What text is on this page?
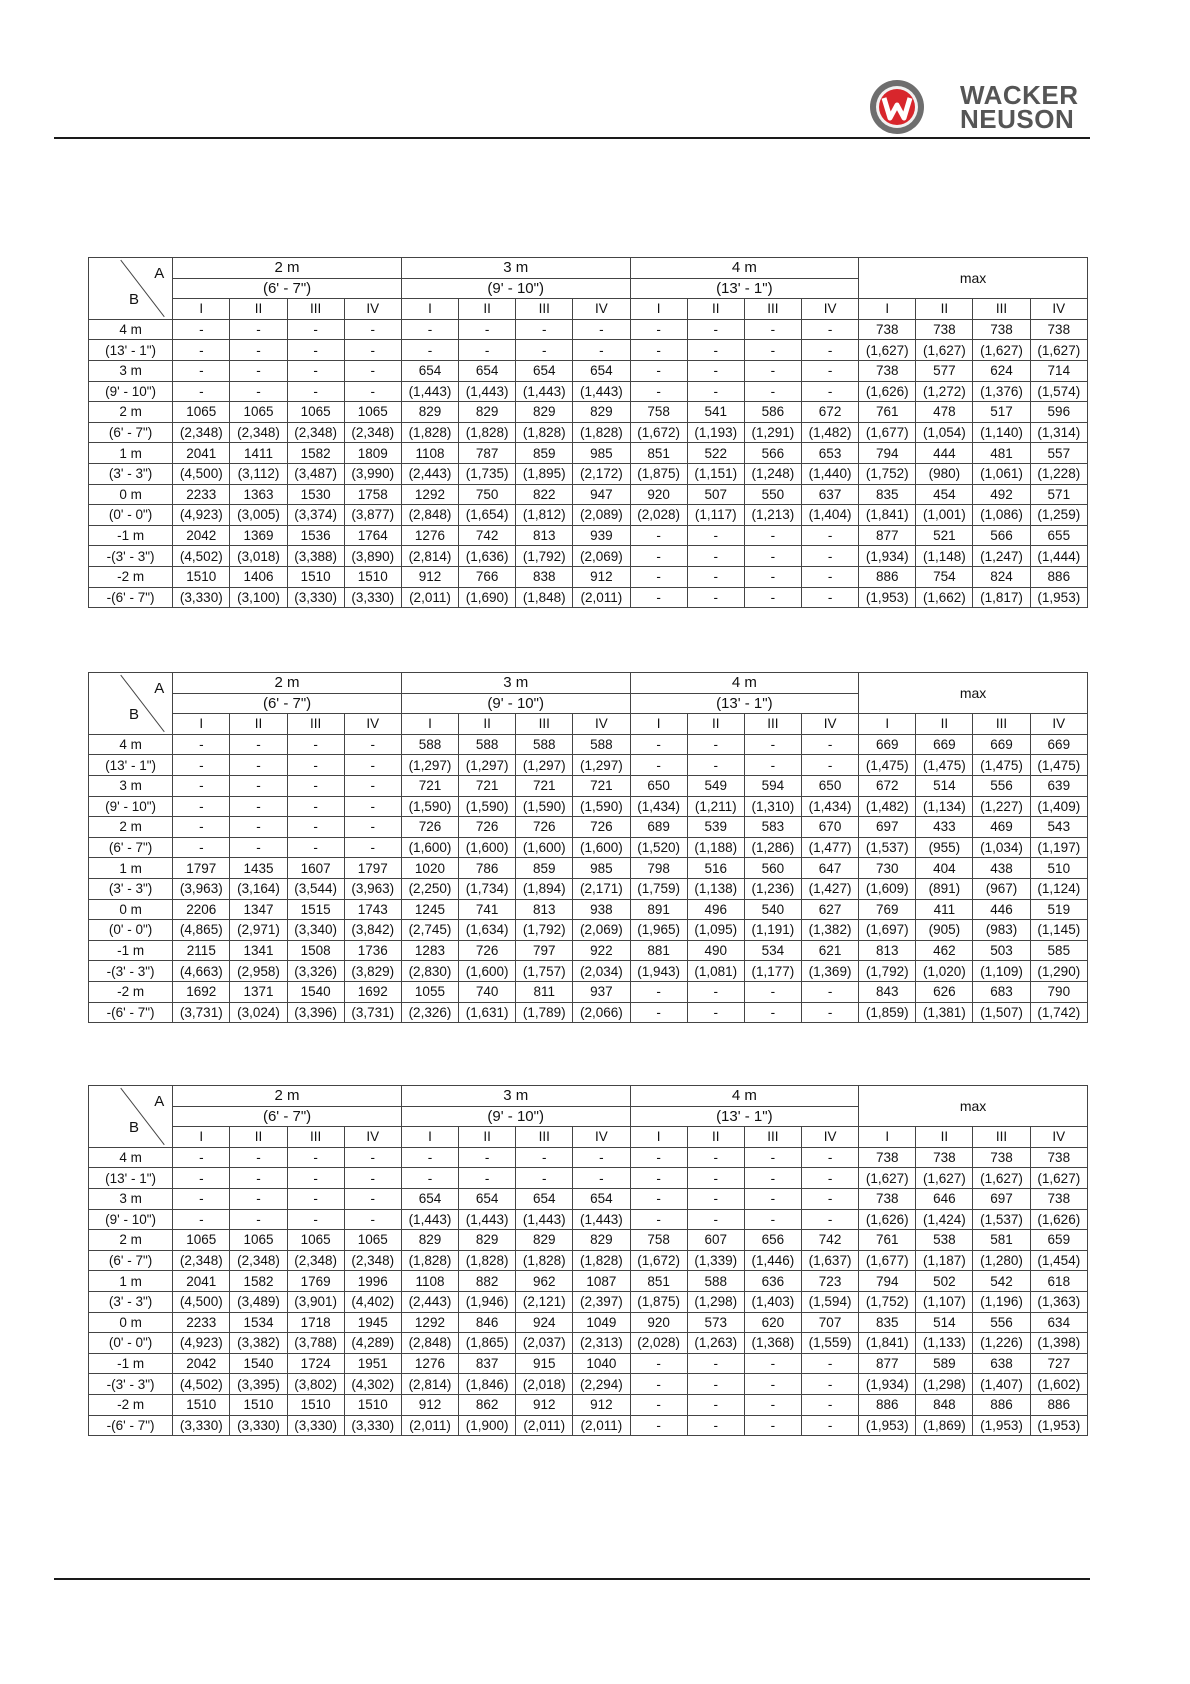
WACKER
NEUSON
A
B	2 m				3 m				4 m				max			
	(6' - 7")				(9' - 10")				(13' - 1")							
	I	II	III	IV	I	II	III	IV	I	II	III	IV	I	II	III	IV
4 m	-	-	-	-	-	-	-	-	-	-	-	-	738	738	738	738
(13' - 1")	-	-	-	-	-	-	-	-	-	-	-	-	(1,627)	(1,627)	(1,627)	(1,627)
3 m	-	-	-	-	654	654	654	654	-	-	-	-	738	577	624	714
(9' - 10")	-	-	-	-	(1,443)	(1,443)	(1,443)	(1,443)	-	-	-	-	(1,626)	(1,272)	(1,376)	(1,574)
2 m	1065	1065	1065	1065	829	829	829	829	758	541	586	672	761	478	517	596
(6' - 7")	(2,348)	(2,348)	(2,348)	(2,348)	(1,828)	(1,828)	(1,828)	(1,828)	(1,672)	(1,193)	(1,291)	(1,482)	(1,677)	(1,054)	(1,140)	(1,314)
1 m	2041	1411	1582	1809	1108	787	859	985	851	522	566	653	794	444	481	557
(3' - 3")	(4,500)	(3,112)	(3,487)	(3,990)	(2,443)	(1,735)	(1,895)	(2,172)	(1,875)	(1,151)	(1,248)	(1,440)	(1,752)	(980)	(1,061)	(1,228)
0 m	2233	1363	1530	1758	1292	750	822	947	920	507	550	637	835	454	492	571
(0' - 0")	(4,923)	(3,005)	(3,374)	(3,877)	(2,848)	(1,654)	(1,812)	(2,089)	(2,028)	(1,117)	(1,213)	(1,404)	(1,841)	(1,001)	(1,086)	(1,259)
-1 m	2042	1369	1536	1764	1276	742	813	939	-	-	-	-	877	521	566	655
-(3' - 3")	(4,502)	(3,018)	(3,388)	(3,890)	(2,814)	(1,636)	(1,792)	(2,069)	-	-	-	-	(1,934)	(1,148)	(1,247)	(1,444)
-2 m	1510	1406	1510	1510	912	766	838	912	-	-	-	-	886	754	824	886
-(6' - 7")	(3,330)	(3,100)	(3,330)	(3,330)	(2,011)	(1,690)	(1,848)	(2,011)	-	-	-	-	(1,953)	(1,662)	(1,817)	(1,953)
A
B	2 m				3 m				4 m				max			
	(6' - 7")				(9' - 10")				(13' - 1")							
	I	II	III	IV	I	II	III	IV	I	II	III	IV	I	II	III	IV
4 m	-	-	-	-	588	588	588	588	-	-	-	-	669	669	669	669
(13' - 1")	-	-	-	-	(1,297)	(1,297)	(1,297)	(1,297)	-	-	-	-	(1,475)	(1,475)	(1,475)	(1,475)
3 m	-	-	-	-	721	721	721	721	650	549	594	650	672	514	556	639
(9' - 10")	-	-	-	-	(1,590)	(1,590)	(1,590)	(1,590)	(1,434)	(1,211)	(1,310)	(1,434)	(1,482)	(1,134)	(1,227)	(1,409)
2 m	-	-	-	-	726	726	726	726	689	539	583	670	697	433	469	543
(6' - 7")	-	-	-	-	(1,600)	(1,600)	(1,600)	(1,600)	(1,520)	(1,188)	(1,286)	(1,477)	(1,537)	(955)	(1,034)	(1,197)
1 m	1797	1435	1607	1797	1020	786	859	985	798	516	560	647	730	404	438	510
(3' - 3")	(3,963)	(3,164)	(3,544)	(3,963)	(2,250)	(1,734)	(1,894)	(2,171)	(1,759)	(1,138)	(1,236)	(1,427)	(1,609)	(891)	(967)	(1,124)
0 m	2206	1347	1515	1743	1245	741	813	938	891	496	540	627	769	411	446	519
(0' - 0")	(4,865)	(2,971)	(3,340)	(3,842)	(2,745)	(1,634)	(1,792)	(2,069)	(1,965)	(1,095)	(1,191)	(1,382)	(1,697)	(905)	(983)	(1,145)
-1 m	2115	1341	1508	1736	1283	726	797	922	881	490	534	621	813	462	503	585
-(3' - 3")	(4,663)	(2,958)	(3,326)	(3,829)	(2,830)	(1,600)	(1,757)	(2,034)	(1,943)	(1,081)	(1,177)	(1,369)	(1,792)	(1,020)	(1,109)	(1,290)
-2 m	1692	1371	1540	1692	1055	740	811	937	-	-	-	-	843	626	683	790
-(6' - 7")	(3,731)	(3,024)	(3,396)	(3,731)	(2,326)	(1,631)	(1,789)	(2,066)	-	-	-	-	(1,859)	(1,381)	(1,507)	(1,742)
A
B	2 m				3 m				4 m				max			
	(6' - 7")				(9' - 10")				(13' - 1")							
	I	II	III	IV	I	II	III	IV	I	II	III	IV	I	II	III	IV
4 m	-	-	-	-	-	-	-	-	-	-	-	-	738	738	738	738
(13' - 1")	-	-	-	-	-	-	-	-	-	-	-	-	(1,627)	(1,627)	(1,627)	(1,627)
3 m	-	-	-	-	654	654	654	654	-	-	-	-	738	646	697	738
(9' - 10")	-	-	-	-	(1,443)	(1,443)	(1,443)	(1,443)	-	-	-	-	(1,626)	(1,424)	(1,537)	(1,626)
2 m	1065	1065	1065	1065	829	829	829	829	758	607	656	742	761	538	581	659
(6' - 7")	(2,348)	(2,348)	(2,348)	(2,348)	(1,828)	(1,828)	(1,828)	(1,828)	(1,672)	(1,339)	(1,446)	(1,637)	(1,677)	(1,187)	(1,280)	(1,454)
1 m	2041	1582	1769	1996	1108	882	962	1087	851	588	636	723	794	502	542	618
(3' - 3")	(4,500)	(3,489)	(3,901)	(4,402)	(2,443)	(1,946)	(2,121)	(2,397)	(1,875)	(1,298)	(1,403)	(1,594)	(1,752)	(1,107)	(1,196)	(1,363)
0 m	2233	1534	1718	1945	1292	846	924	1049	920	573	620	707	835	514	556	634
(0' - 0")	(4,923)	(3,382)	(3,788)	(4,289)	(2,848)	(1,865)	(2,037)	(2,313)	(2,028)	(1,263)	(1,368)	(1,559)	(1,841)	(1,133)	(1,226)	(1,398)
-1 m	2042	1540	1724	1951	1276	837	915	1040	-	-	-	-	877	589	638	727
-(3' - 3")	(4,502)	(3,395)	(3,802)	(4,302)	(2,814)	(1,846)	(2,018)	(2,294)	-	-	-	-	(1,934)	(1,298)	(1,407)	(1,602)
-2 m	1510	1510	1510	1510	912	862	912	912	-	-	-	-	886	848	886	886
-(6' - 7")	(3,330)	(3,330)	(3,330)	(3,330)	(2,011)	(1,900)	(2,011)	(2,011)	-	-	-	-	(1,953)	(1,869)	(1,953)	(1,953)
